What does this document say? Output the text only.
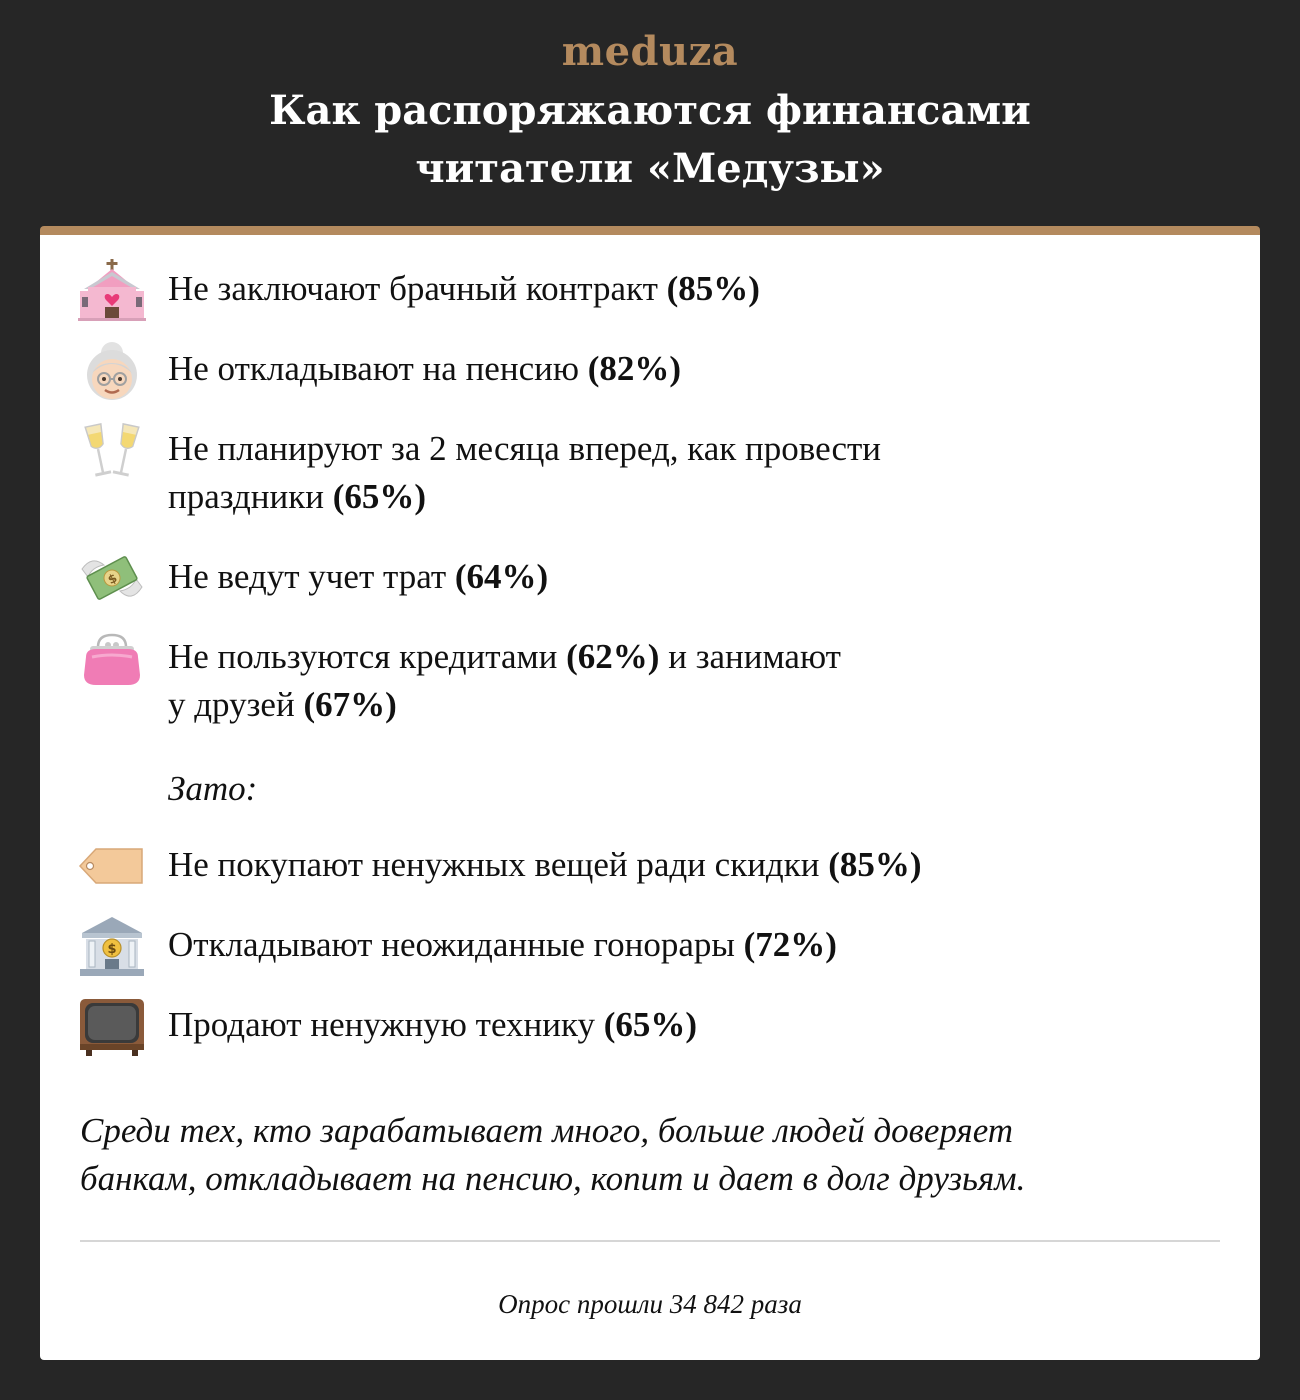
meduza
Как распоряжаются финансами
читатели «Медузы»
Не заключают брачный контракт (85%)
Не откладывают на пенсию (82%)
Не планируют за 2 месяца вперед, как провести
праздники (65%)
$ Не ведут учет трат (64%)
Не пользуются кредитами (62%) и занимают
у друзей (67%)
Зато:
Не покупают ненужных вещей ради скидки (85%)
$ Откладывают неожиданные гонорары (72%)
Продают ненужную технику (65%)
Среди тех, кто зарабатывает много, больше людей доверяет
банкам, откладывает на пенсию, копит и дает в долг друзьям.
Опрос прошли 34 842 раза
